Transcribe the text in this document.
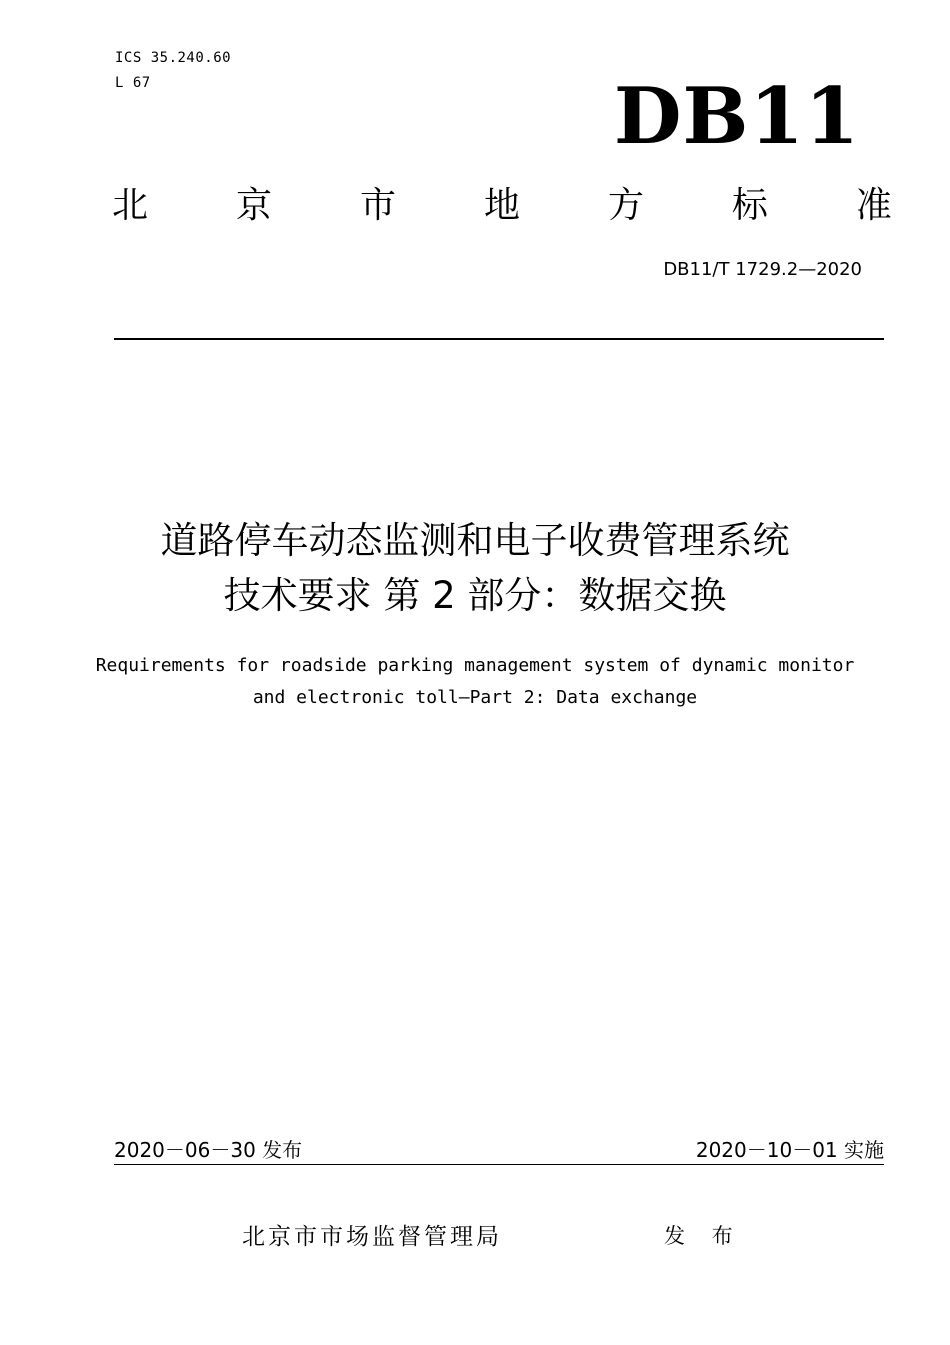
ICS 35.240.60
L 67	DB11
北 京 市 地 方 标 准
DB11/T 1729.2—2020
道路停车动态监测和电子收费管理系统
技术要求 第 2 部分：数据交换
Requirements for roadside parking management system of dynamic monitor
and electronic toll—Part 2: Data exchange
2020－06－30 发布	2020－10－01 实施
北京市市场监督管理局	发 布
